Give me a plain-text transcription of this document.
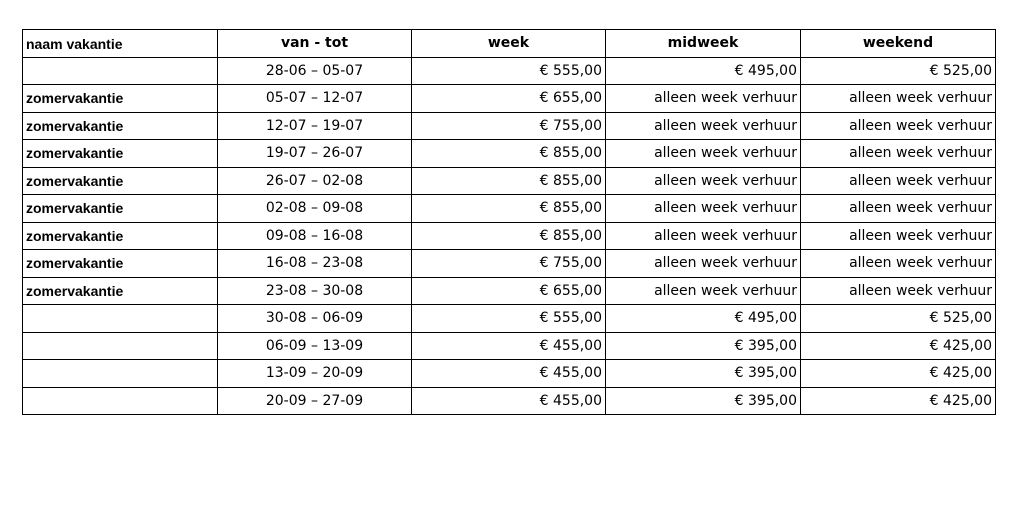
naam vakantie	van - tot	week	midweek	weekend
	28-06 – 05-07	€ 555,00	€ 495,00	€ 525,00
zomervakantie	05-07 – 12-07	€ 655,00	alleen week verhuur	alleen week verhuur
zomervakantie	12-07 – 19-07	€ 755,00	alleen week verhuur	alleen week verhuur
zomervakantie	19-07 – 26-07	€ 855,00	alleen week verhuur	alleen week verhuur
zomervakantie	26-07 – 02-08	€ 855,00	alleen week verhuur	alleen week verhuur
zomervakantie	02-08 – 09-08	€ 855,00	alleen week verhuur	alleen week verhuur
zomervakantie	09-08 – 16-08	€ 855,00	alleen week verhuur	alleen week verhuur
zomervakantie	16-08 – 23-08	€ 755,00	alleen week verhuur	alleen week verhuur
zomervakantie	23-08 – 30-08	€ 655,00	alleen week verhuur	alleen week verhuur
	30-08 – 06-09	€ 555,00	€ 495,00	€ 525,00
	06-09 – 13-09	€ 455,00	€ 395,00	€ 425,00
	13-09 – 20-09	€ 455,00	€ 395,00	€ 425,00
	20-09 – 27-09	€ 455,00	€ 395,00	€ 425,00
